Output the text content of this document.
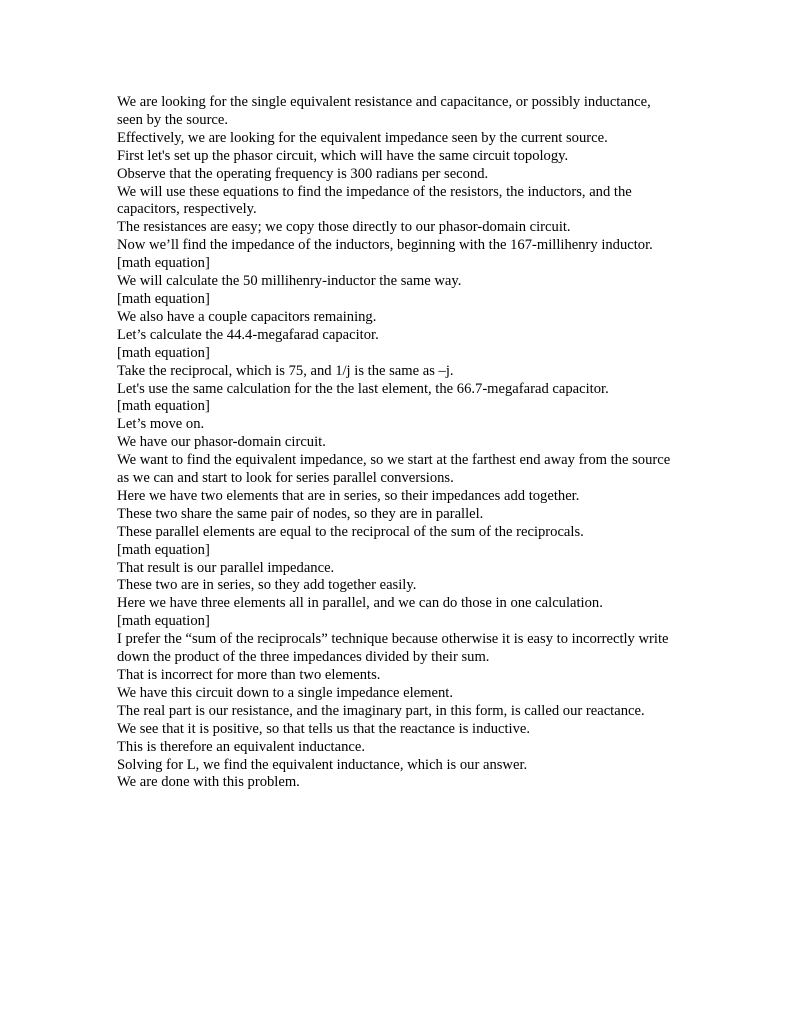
We are looking for the single equivalent resistance and capacitance, or possibly inductance, seen by the source.

Effectively, we are looking for the equivalent impedance seen by the current source.

First let's set up the phasor circuit, which will have the same circuit topology.

Observe that the operating frequency is 300 radians per second.

We will use these equations to find the impedance of the resistors, the inductors, and the capacitors, respectively.

The resistances are easy; we copy those directly to our phasor-domain circuit.

Now we’ll find the impedance of the inductors, beginning with the 167-millihenry inductor.

[math equation]

We will calculate the 50 millihenry-inductor the same way.

[math equation]

We also have a couple capacitors remaining.

Let’s calculate the 44.4-megafarad capacitor.

[math equation]

Take the reciprocal, which is 75, and 1/j is the same as –j.

Let's use the same calculation for the the last element, the 66.7-megafarad capacitor.

[math equation]

Let’s move on.

We have our phasor-domain circuit.

We want to find the equivalent impedance, so we start at the farthest end away from the source as we can and start to look for series parallel conversions.

Here we have two elements that are in series, so their impedances add together.

These two share the same pair of nodes, so they are in parallel.

These parallel elements are equal to the reciprocal of the sum of the reciprocals.

[math equation]

That result is our parallel impedance.

These two are in series, so they add together easily.

Here we have three elements all in parallel, and we can do those in one calculation.

[math equation]

I prefer the “sum of the reciprocals” technique because otherwise it is easy to incorrectly write down the product of the three impedances divided by their sum.

That is incorrect for more than two elements.

We have this circuit down to a single impedance element.

The real part is our resistance, and the imaginary part, in this form, is called our reactance.

We see that it is positive, so that tells us that the reactance is inductive.

This is therefore an equivalent inductance.

Solving for L, we find the equivalent inductance, which is our answer.

We are done with this problem.
